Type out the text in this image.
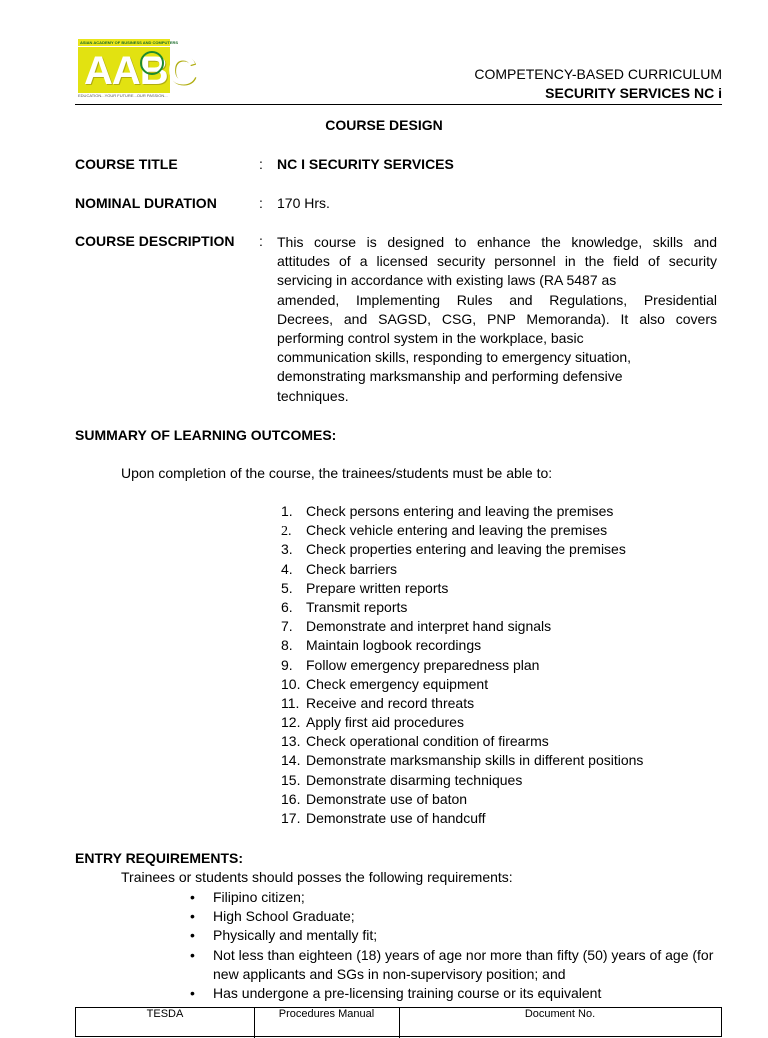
ASIAN ACADEMY OF BUSINESS AND COMPUTERS
AABC
EDUCATION...YOUR FUTURE...OUR PASSION...
COMPETENCY-BASED CURRICULUM
SECURITY SERVICES NC i
COURSE DESIGN
COURSE TITLE	: NC I SECURITY SERVICES
NOMINAL DURATION	: 170 Hrs.
COURSE DESCRIPTION : This course is designed to enhance the knowledge, skills and
attitudes of a licensed security personnel in the field of security
servicing in accordance with existing laws (RA 5487 as
amended, Implementing Rules and Regulations, Presidential
Decrees, and SAGSD, CSG, PNP Memoranda). It also covers
performing control system in the workplace, basic
communication skills, responding to emergency situation,
demonstrating marksmanship and performing defensive
techniques.
SUMMARY OF LEARNING OUTCOMES:
Upon completion of the course, the trainees/students must be able to:
1. Check persons entering and leaving the premises
2. Check vehicle entering and leaving the premises
3. Check properties entering and leaving the premises
4. Check barriers
5. Prepare written reports
6. Transmit reports
7. Demonstrate and interpret hand signals
8. Maintain logbook recordings
9. Follow emergency preparedness plan
10. Check emergency equipment
11. Receive and record threats
12. Apply first aid procedures
13. Check operational condition of firearms
14. Demonstrate marksmanship skills in different positions
15. Demonstrate disarming techniques
16. Demonstrate use of baton
17. Demonstrate use of handcuff
ENTRY REQUIREMENTS:
Trainees or students should posses the following requirements:
• Filipino citizen;
• High School Graduate;
• Physically and mentally fit;
• Not less than eighteen (18) years of age nor more than fifty (50) years of age (for new applicants and SGs in non-supervisory position; and
• Has undergone a pre-licensing training course or its equivalent
TESDA	Procedures Manual	Document No.
